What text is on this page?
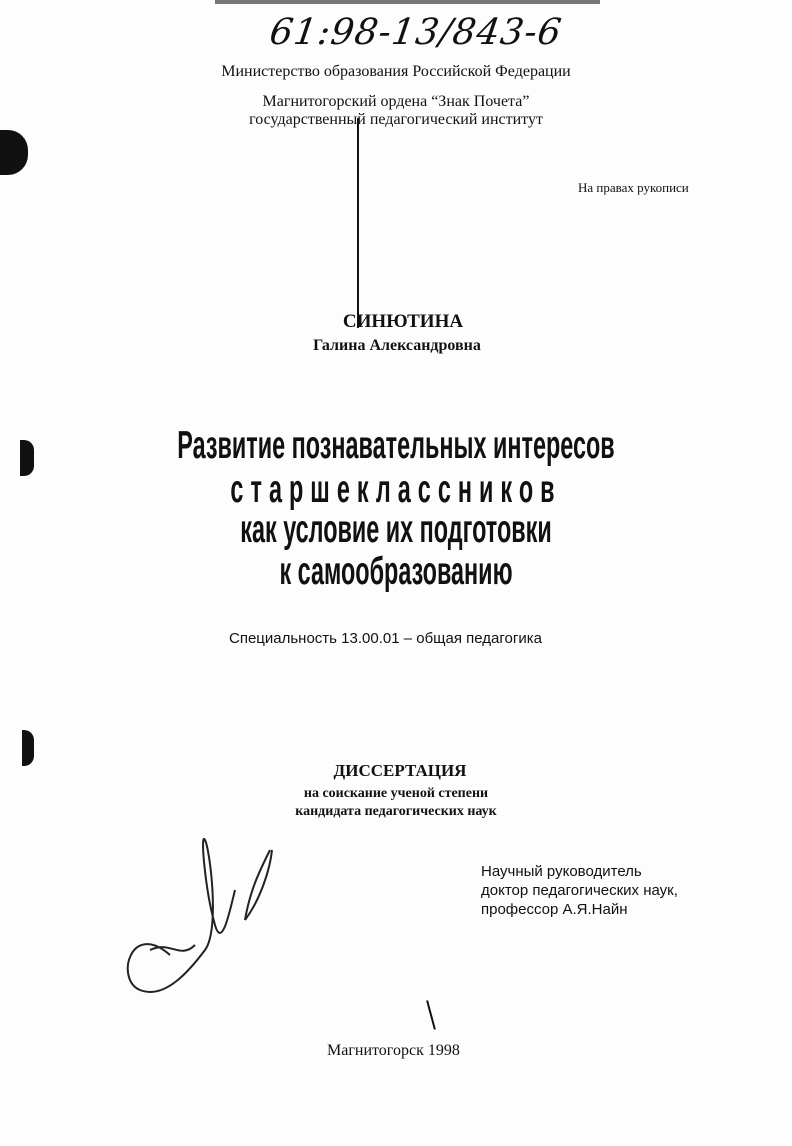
61:98-13/843-6
Министерство образования Российской Федерации
Магнитогорский ордена “Знак Почета”
государственный педагогический институт
На правах рукописи
СИНЮТИНА
Галина Александровна
Развитие познавательных интересов
старшеклассников
как условие их подготовки
к самообразованию
Специальность 13.00.01 – общая педагогика
ДИССЕРТАЦИЯ
на соискание ученой степени
кандидата педагогических наук
Научный руководитель
доктор педагогических наук,
профессор А.Я.Найн
Магнитогорск 1998
